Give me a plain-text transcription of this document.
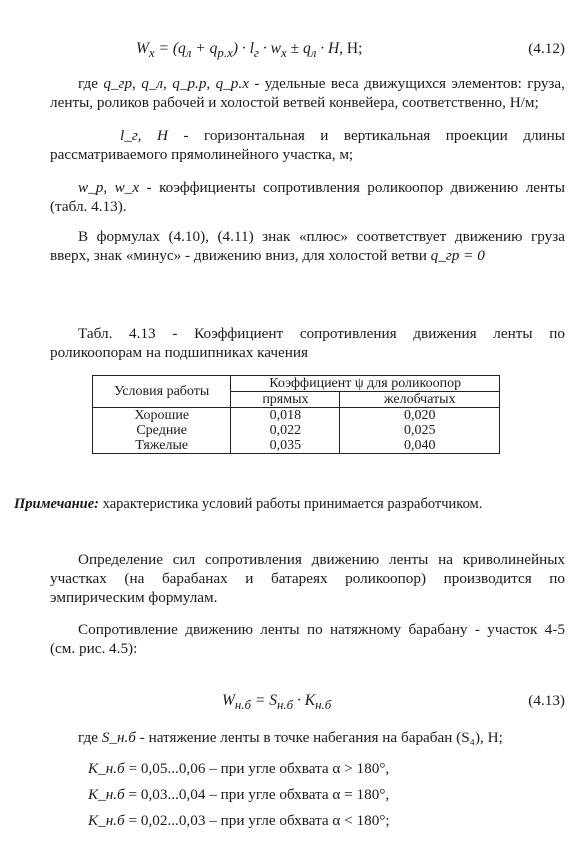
$W_x = (q_л + q_{р.х}) \cdot l_г \cdot w_х \pm q_л \cdot H$, Н;	(4.12)
где q_гр, q_л, q_р.р, q_р.х - удельные веса движущихся элементов: груза, ленты, роликов рабочей и холостой ветвей конвейера, соответственно, Н/м;
l_г, H - горизонтальная и вертикальная проекции длины рассматриваемого прямолинейного участка, м;
w_р, w_х - коэффициенты сопротивления роликоопор движению ленты (табл. 4.13).
В формулах (4.10), (4.11) знак «плюс» соответствует движению груза вверх, знак «минус» - движению вниз, для холостой ветви q_гр = 0
Табл. 4.13 - Коэффициент сопротивления движения ленты по роликоопорам на подшипниках качения
Условия работы	Коэффициент ψ для роликоопор	
	прямых	желобчатых
Хорошие	0,018	0,020
Средние	0,022	0,025
Тяжелые	0,035	0,040
Примечание: характеристика условий работы принимается разработчиком.
Определение сил сопротивления движению ленты на криволинейных участках (на барабанах и батареях роликоопор) производится по эмпирическим формулам.
Сопротивление движению ленты по натяжному барабану - участок 4-5 (см. рис. 4.5):
$W_{н.б} = S_{н.б} \cdot K_{н.б}$	(4.13)
где S_н.б - натяжение ленты в точке набегания на барабан (S₄), Н;
K_н.б = 0,05...0,06 – при угле обхвата α > 180°,
K_н.б = 0,03...0,04 – при угле обхвата α = 180°,
K_н.б = 0,02...0,03 – при угле обхвата α < 180°;
